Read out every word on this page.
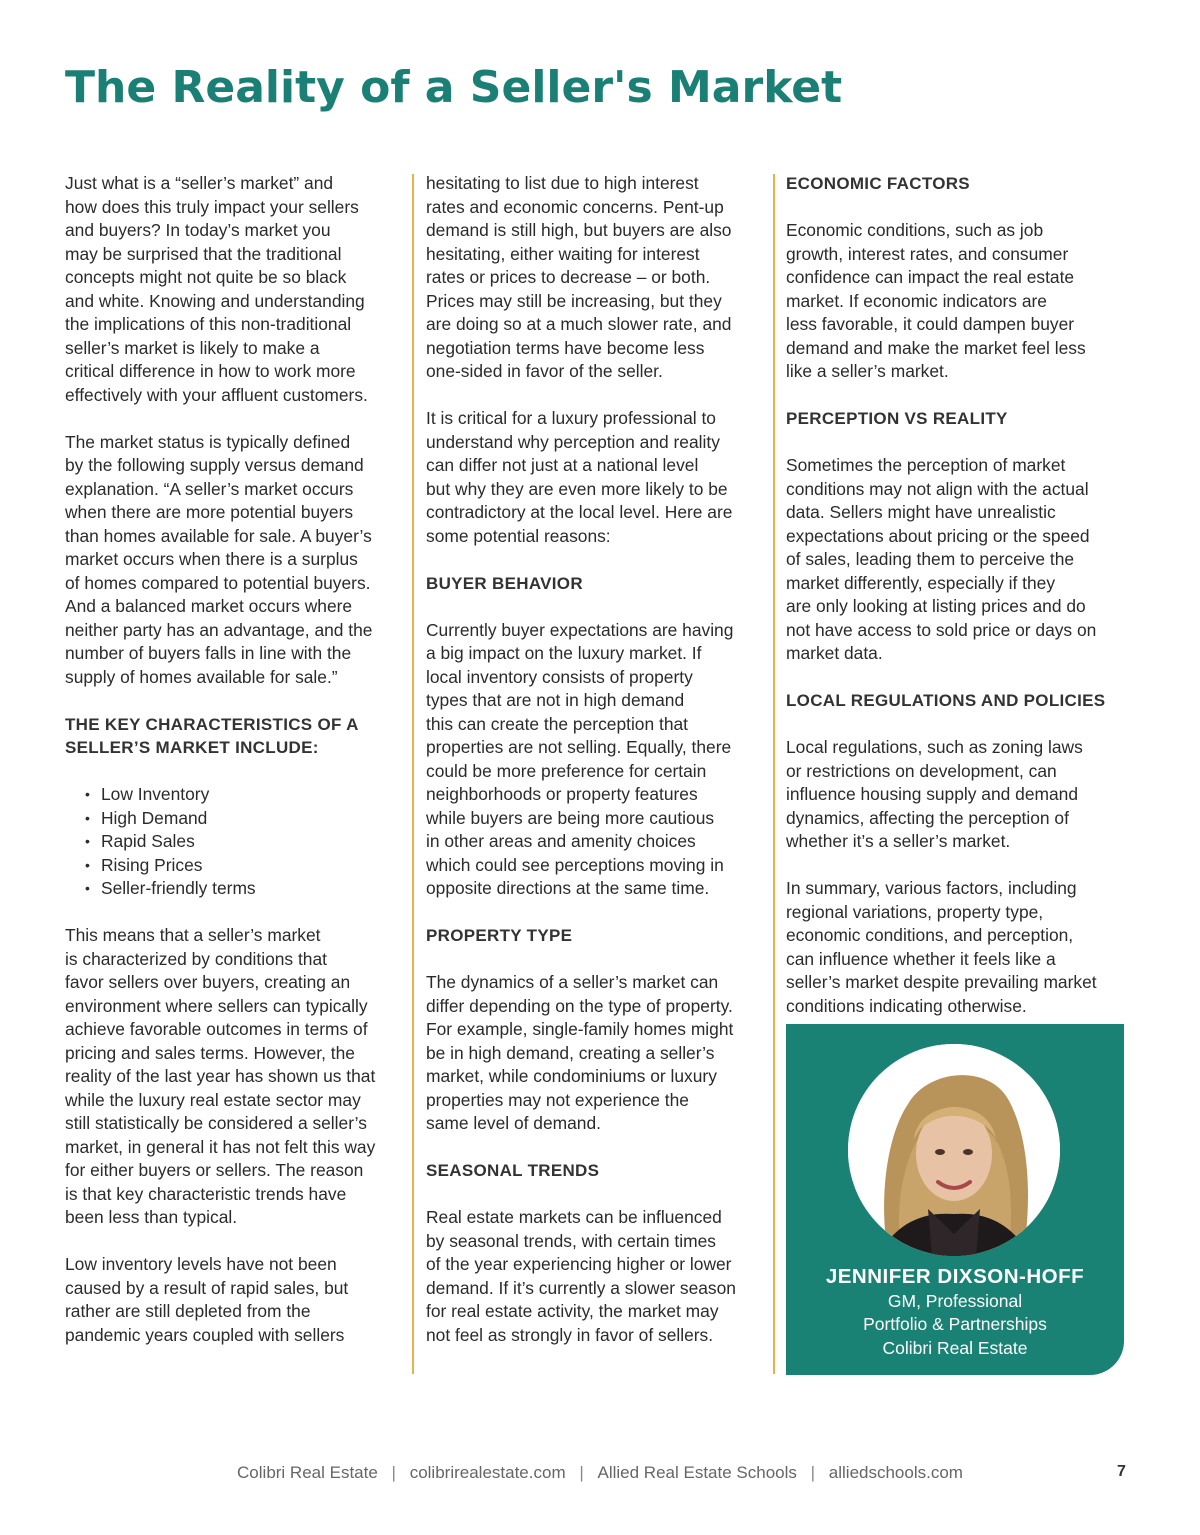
The Reality of a Seller's Market

Just what is a “seller’s market” and
how does this truly impact your sellers
and buyers? In today’s market you
may be surprised that the traditional
concepts might not quite be so black
and white. Knowing and understanding
the implications of this non-traditional
seller’s market is likely to make a
critical difference in how to work more
effectively with your affluent customers.

The market status is typically defined
by the following supply versus demand
explanation. “A seller’s market occurs
when there are more potential buyers
than homes available for sale. A buyer’s
market occurs when there is a surplus
of homes compared to potential buyers.
And a balanced market occurs where
neither party has an advantage, and the
number of buyers falls in line with the
supply of homes available for sale.”

THE KEY CHARACTERISTICS OF A
SELLER’S MARKET INCLUDE:
• Low Inventory
• High Demand
• Rapid Sales
• Rising Prices
• Seller-friendly terms

This means that a seller’s market
is characterized by conditions that
favor sellers over buyers, creating an
environment where sellers can typically
achieve favorable outcomes in terms of
pricing and sales terms. However, the
reality of the last year has shown us that
while the luxury real estate sector may
still statistically be considered a seller’s
market, in general it has not felt this way
for either buyers or sellers. The reason
is that key characteristic trends have
been less than typical.

Low inventory levels have not been
caused by a result of rapid sales, but
rather are still depleted from the
pandemic years coupled with sellers

hesitating to list due to high interest
rates and economic concerns. Pent-up
demand is still high, but buyers are also
hesitating, either waiting for interest
rates or prices to decrease – or both.
Prices may still be increasing, but they
are doing so at a much slower rate, and
negotiation terms have become less
one-sided in favor of the seller.

It is critical for a luxury professional to
understand why perception and reality
can differ not just at a national level
but why they are even more likely to be
contradictory at the local level. Here are
some potential reasons:

BUYER BEHAVIOR

Currently buyer expectations are having
a big impact on the luxury market. If
local inventory consists of property
types that are not in high demand
this can create the perception that
properties are not selling. Equally, there
could be more preference for certain
neighborhoods or property features
while buyers are being more cautious
in other areas and amenity choices
which could see perceptions moving in
opposite directions at the same time.

PROPERTY TYPE

The dynamics of a seller’s market can
differ depending on the type of property.
For example, single-family homes might
be in high demand, creating a seller’s
market, while condominiums or luxury
properties may not experience the
same level of demand.

SEASONAL TRENDS

Real estate markets can be influenced
by seasonal trends, with certain times
of the year experiencing higher or lower
demand. If it’s currently a slower season
for real estate activity, the market may
not feel as strongly in favor of sellers.

ECONOMIC FACTORS

Economic conditions, such as job
growth, interest rates, and consumer
confidence can impact the real estate
market. If economic indicators are
less favorable, it could dampen buyer
demand and make the market feel less
like a seller’s market.

PERCEPTION VS REALITY

Sometimes the perception of market
conditions may not align with the actual
data. Sellers might have unrealistic
expectations about pricing or the speed
of sales, leading them to perceive the
market differently, especially if they
are only looking at listing prices and do
not have access to sold price or days on
market data.

LOCAL REGULATIONS AND POLICIES

Local regulations, such as zoning laws
or restrictions on development, can
influence housing supply and demand
dynamics, affecting the perception of
whether it’s a seller’s market.

In summary, various factors, including
regional variations, property type,
economic conditions, and perception,
can influence whether it feels like a
seller’s market despite prevailing market
conditions indicating otherwise.

JENNIFER DIXSON-HOFF
GM, Professional
Portfolio & Partnerships
Colibri Real Estate
Colibri Real Estate | colibrirealestate.com | Allied Real Estate Schools | alliedschools.com	7
